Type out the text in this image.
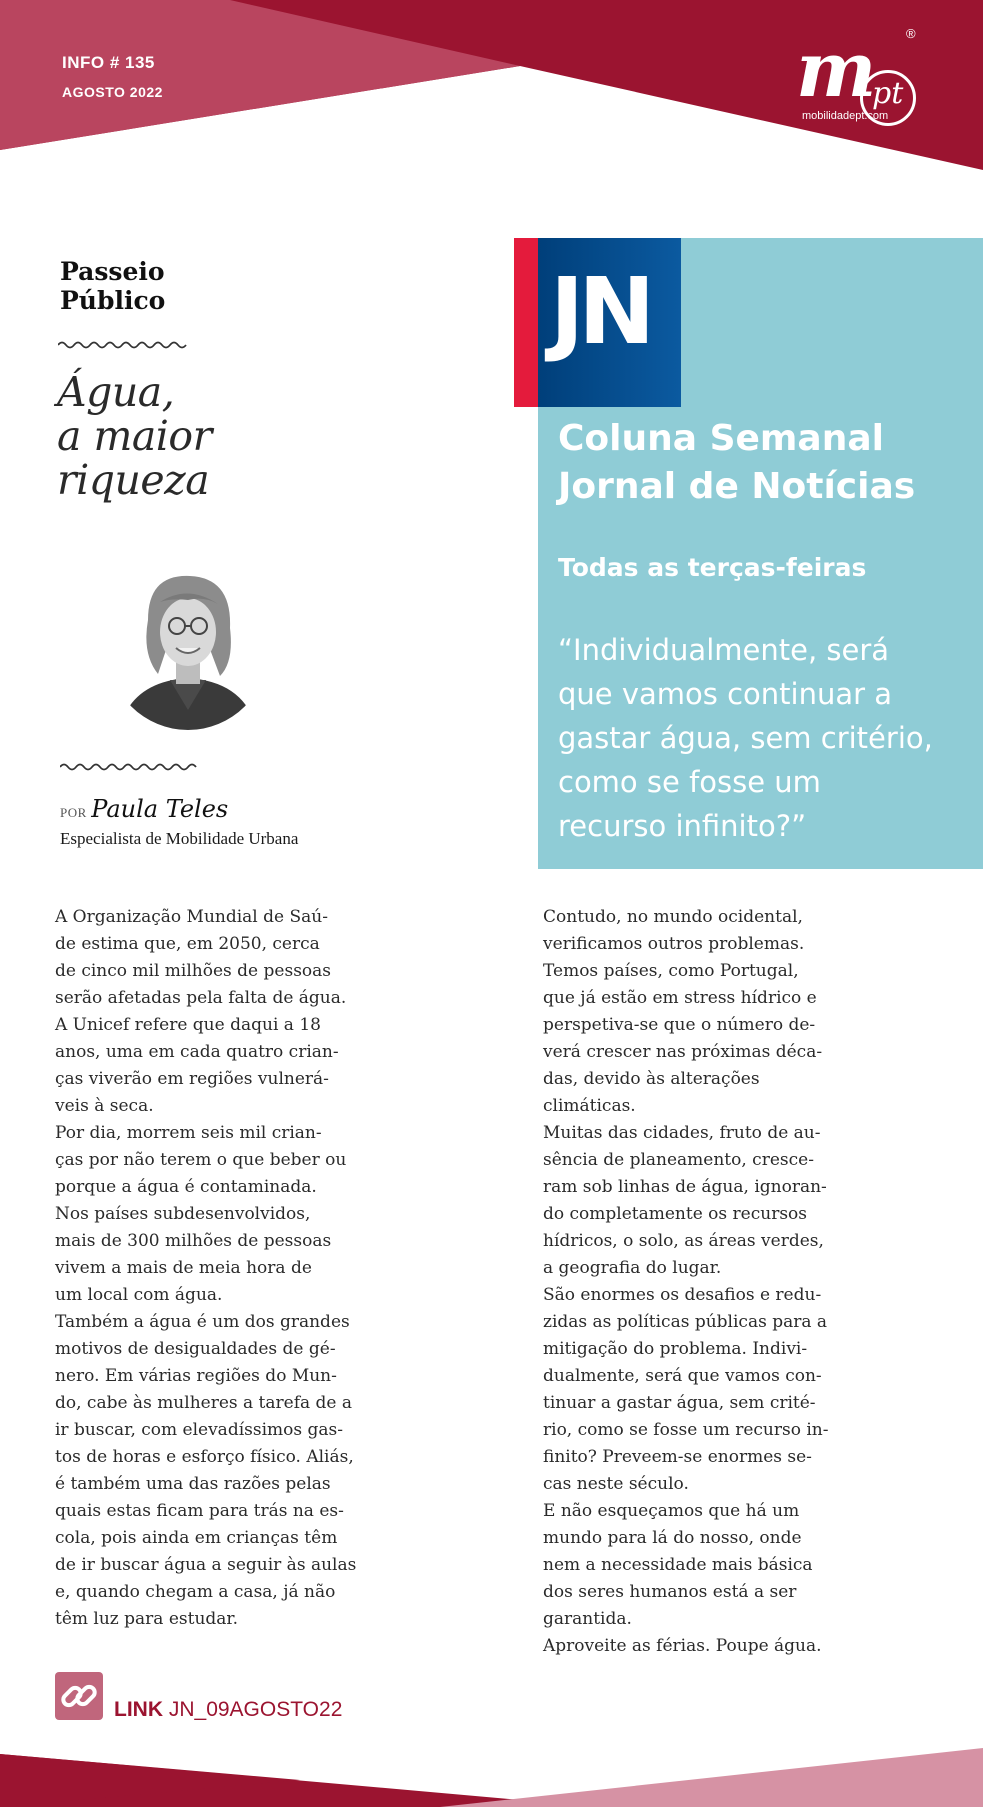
INFO # 135
AGOSTO 2022	m
pt
®
mobilidadept.com
Passeio
Público
Água,
a maior
riqueza
POR Paula Teles
Especialista de Mobilidade Urbana
JN
Coluna Semanal
Jornal de Notícias
Todas as terças-feiras
“Individualmente, será
que vamos continuar a
gastar água, sem critério,
como se fosse um
recurso infinito?”

A Organização Mundial de Saú-
de estima que, em 2050, cerca
de cinco mil milhões de pessoas
serão afetadas pela falta de água.
A Unicef refere que daqui a 18
anos, uma em cada quatro crian-
ças viverão em regiões vulnerá-
veis à seca.

Por dia, morrem seis mil crian-
ças por não terem o que beber ou
porque a água é contaminada.
Nos países subdesenvolvidos,
mais de 300 milhões de pessoas
vivem a mais de meia hora de
um local com água.

Também a água é um dos grandes
motivos de desigualdades de gé-
nero. Em várias regiões do Mun-
do, cabe às mulheres a tarefa de a
ir buscar, com elevadíssimos gas-
tos de horas e esforço físico. Aliás,
é também uma das razões pelas
quais estas ficam para trás na es-
cola, pois ainda em crianças têm
de ir buscar água a seguir às aulas
e, quando chegam a casa, já não
têm luz para estudar.

Contudo, no mundo ocidental,
verificamos outros problemas.
Temos países, como Portugal,
que já estão em stress hídrico e
perspetiva-se que o número de-
verá crescer nas próximas déca-
das, devido às alterações
climáticas.

Muitas das cidades, fruto de au-
sência de planeamento, cresce-
ram sob linhas de água, ignoran-
do completamente os recursos
hídricos, o solo, as áreas verdes,
a geografia do lugar.

São enormes os desafios e redu-
zidas as políticas públicas para a
mitigação do problema. Indivi-
dualmente, será que vamos con-
tinuar a gastar água, sem crité-
rio, como se fosse um recurso in-
finito? Preveem-se enormes se-
cas neste século.

E não esqueçamos que há um
mundo para lá do nosso, onde
nem a necessidade mais básica
dos seres humanos está a ser
garantida.

Aproveite as férias. Poupe água.

LINK JN_09AGOSTO22
